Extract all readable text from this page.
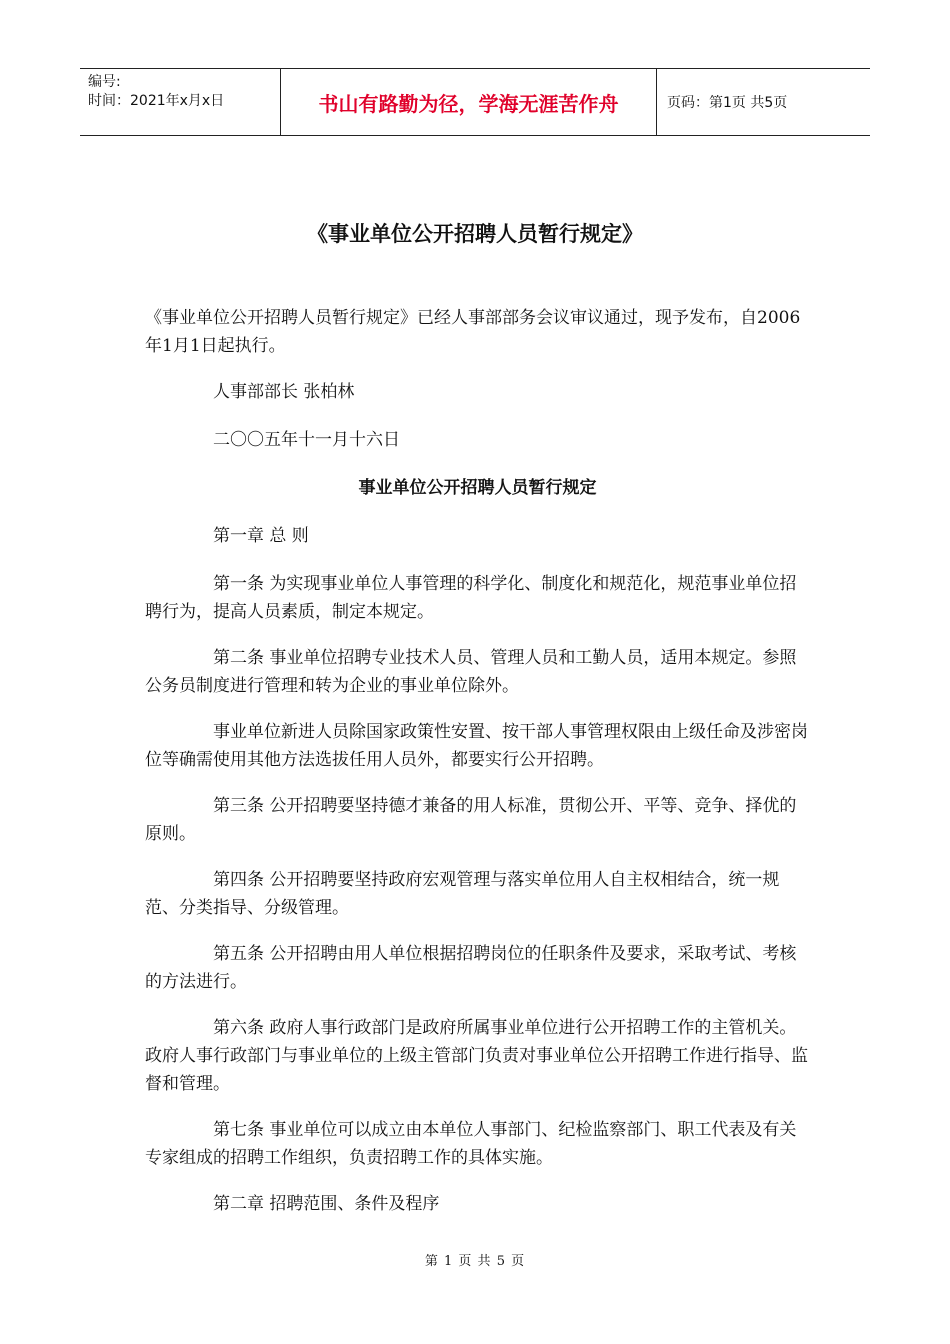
编号:
时间：2021年x月x日	书山有路勤为径，学海无涯苦作舟	页码：第1页 共5页
《事业单位公开招聘人员暂行规定》

《事业单位公开招聘人员暂行规定》已经人事部部务会议审议通过，现予发布，自2006年1月1日起执行。

人事部部长 张柏林

二〇〇五年十一月十六日

事业单位公开招聘人员暂行规定

第一章 总 则

第一条 为实现事业单位人事管理的科学化、制度化和规范化，规范事业单位招聘行为，提高人员素质，制定本规定。

第二条 事业单位招聘专业技术人员、管理人员和工勤人员，适用本规定。参照公务员制度进行管理和转为企业的事业单位除外。

事业单位新进人员除国家政策性安置、按干部人事管理权限由上级任命及涉密岗位等确需使用其他方法选拔任用人员外，都要实行公开招聘。

第三条 公开招聘要坚持德才兼备的用人标准，贯彻公开、平等、竞争、择优的原则。

第四条 公开招聘要坚持政府宏观管理与落实单位用人自主权相结合，统一规范、分类指导、分级管理。

第五条 公开招聘由用人单位根据招聘岗位的任职条件及要求，采取考试、考核的方法进行。

第六条 政府人事行政部门是政府所属事业单位进行公开招聘工作的主管机关。政府人事行政部门与事业单位的上级主管部门负责对事业单位公开招聘工作进行指导、监督和管理。

第七条 事业单位可以成立由本单位人事部门、纪检监察部门、职工代表及有关专家组成的招聘工作组织，负责招聘工作的具体实施。

第二章 招聘范围、条件及程序

第 1 页 共 5 页
